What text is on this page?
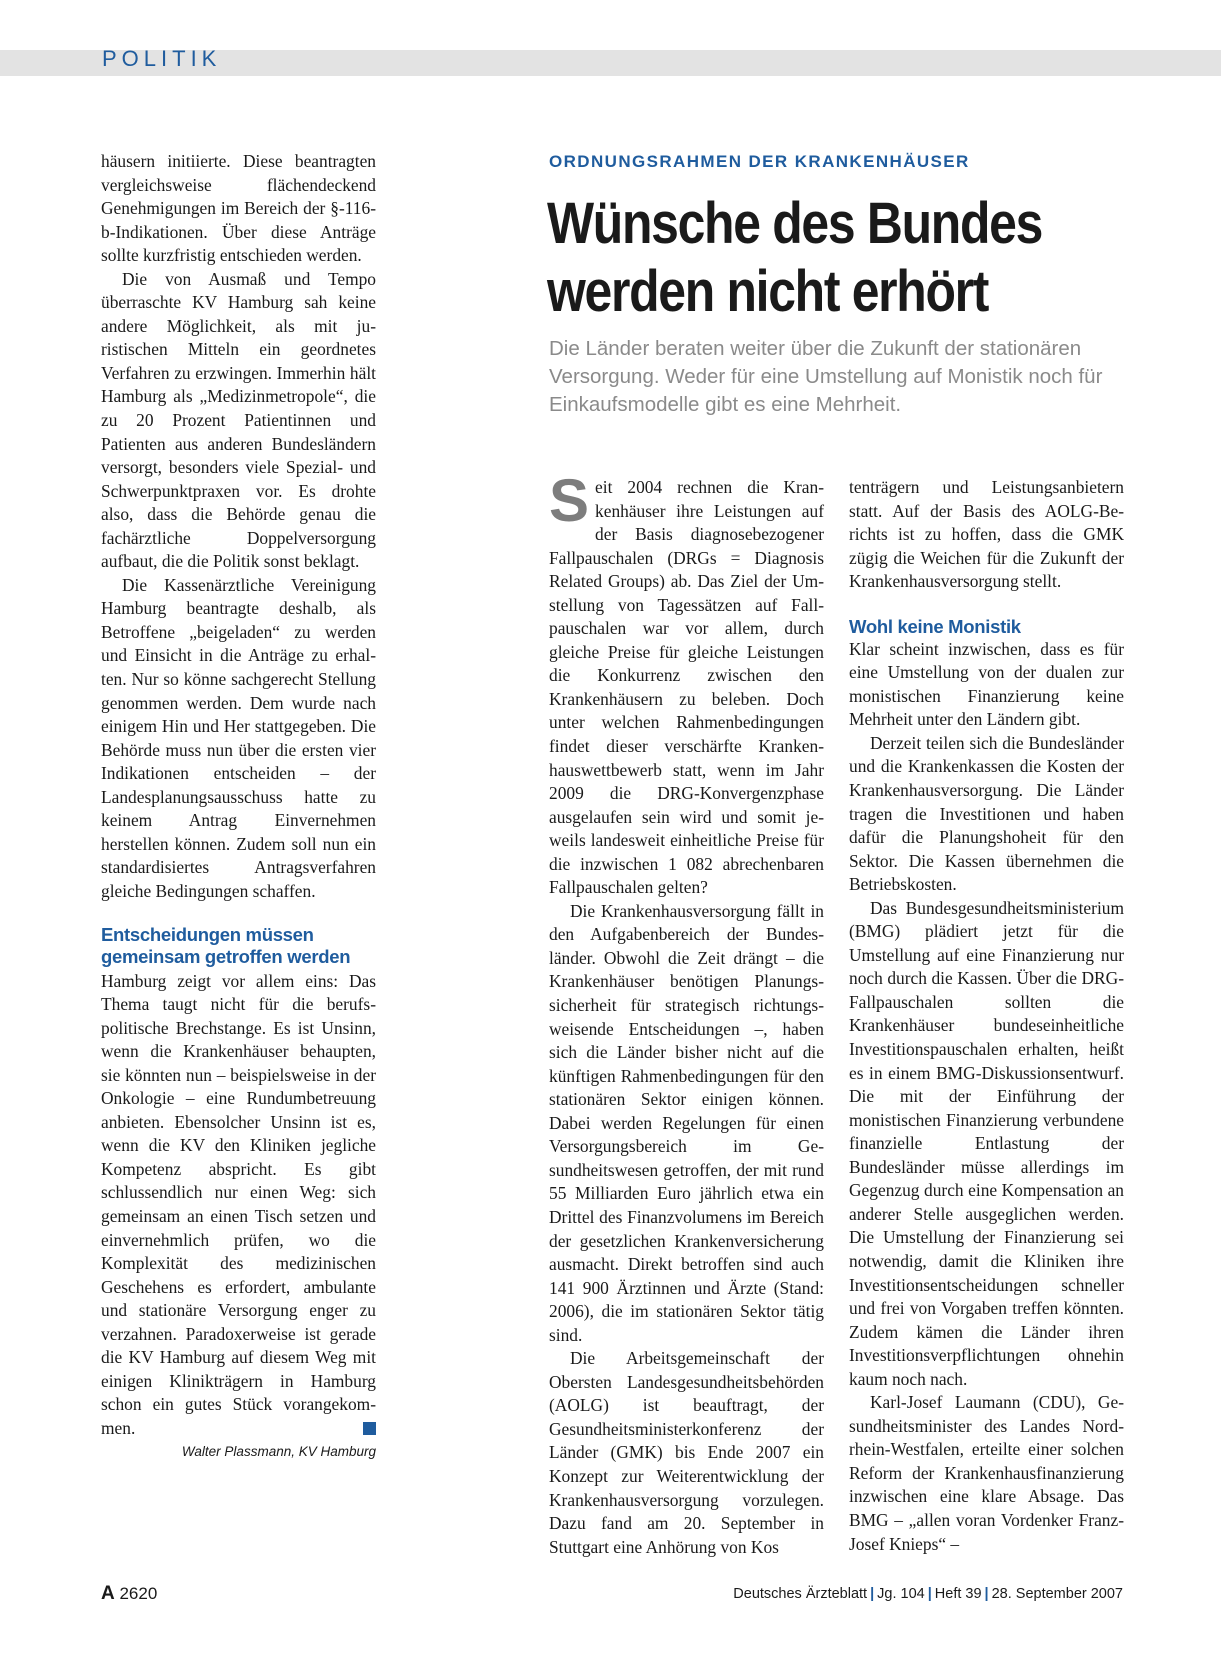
POLITIK

häusern initiierte. Diese beantragten vergleichsweise flächendeckend Genehmigungen im Bereich der §-116-b-Indikationen. Über diese Anträge sollte kurzfristig entschieden werden.

Die von Ausmaß und Tempo überraschte KV Hamburg sah keine andere Möglichkeit, als mit juristischen Mitteln ein geordnetes Verfahren zu erzwingen. Immerhin hält Hamburg als „Medizinmetropole“, die zu 20 Prozent Patientinnen und Patienten aus anderen Bundesländern versorgt, besonders viele Spezial- und Schwerpunktpraxen vor. Es drohte also, dass die Behörde genau die fachärztliche Doppelversorgung aufbaut, die die Politik sonst beklagt.

Die Kassenärztliche Vereinigung Hamburg beantragte deshalb, als Betroffene „beigeladen“ zu werden und Einsicht in die Anträge zu erhalten. Nur so könne sachgerecht Stellung genommen werden. Dem wurde nach einigem Hin und Her stattgegeben. Die Behörde muss nun über die ersten vier Indikationen entscheiden – der Landesplanungsausschuss hatte zu keinem Antrag Einvernehmen herstellen können. Zudem soll nun ein standardisiertes Antragsverfahren gleiche Bedingungen schaffen.

Entscheidungen müssen gemeinsam getroffen werden

Hamburg zeigt vor allem eins: Das Thema taugt nicht für die berufspolitische Brechstange. Es ist Unsinn, wenn die Krankenhäuser behaupten, sie könnten nun – beispielsweise in der Onkologie – eine Rundumbetreuung anbieten. Ebensolcher Unsinn ist es, wenn die KV den Kliniken jegliche Kompetenz abspricht. Es gibt schlussendlich nur einen Weg: sich gemeinsam an einen Tisch setzen und einvernehmlich prüfen, wo die Komplexität des medizinischen Geschehens es erfordert, ambulante und stationäre Versorgung enger zu verzahnen. Paradoxerweise ist gerade die KV Hamburg auf diesem Weg mit einigen Klinikträgern in Hamburg schon ein gutes Stück vorangekommen.

Walter Plassmann, KV Hamburg
ORDNUNGSRAHMEN DER KRANKENHÄUSER
Wünsche des Bundes
werden nicht erhört
Die Länder beraten weiter über die Zukunft der stationären Versorgung. Weder für eine Umstellung auf Monistik noch für Einkaufsmodelle gibt es eine Mehrheit.

Seit 2004 rechnen die Krankenhäuser ihre Leistungen auf der Basis diagnosebezogener Fallpauschalen (DRGs = Diagnosis Related Groups) ab. Das Ziel der Umstellung von Tagessätzen auf Fallpauschalen war vor allem, durch gleiche Preise für gleiche Leistungen die Konkurrenz zwischen den Krankenhäusern zu beleben. Doch unter welchen Rahmenbedingungen findet dieser verschärfte Krankenhauswettbewerb statt, wenn im Jahr 2009 die DRG-Konvergenzphase ausgelaufen sein wird und somit jeweils landesweit einheitliche Preise für die inzwischen 1 082 abrechenbaren Fallpauschalen gelten?

Die Krankenhausversorgung fällt in den Aufgabenbereich der Bundesländer. Obwohl die Zeit drängt – die Krankenhäuser benötigen Planungssicherheit für strategisch richtungsweisende Entscheidungen –, haben sich die Länder bisher nicht auf die künftigen Rahmenbedingungen für den stationären Sektor einigen können. Dabei werden Regelungen für einen Versorgungsbereich im Gesundheitswesen getroffen, der mit rund 55 Milliarden Euro jährlich etwa ein Drittel des Finanzvolumens im Bereich der gesetzlichen Krankenversicherung ausmacht. Direkt betroffen sind auch 141 900 Ärztinnen und Ärzte (Stand: 2006), die im stationären Sektor tätig sind.

Die Arbeitsgemeinschaft der Obersten Landesgesundheitsbehörden (AOLG) ist beauftragt, der Gesundheitsministerkonferenz der Länder (GMK) bis Ende 2007 ein Konzept zur Weiterentwicklung der Krankenhausversorgung vorzulegen. Dazu fand am 20. September in Stuttgart eine Anhörung von Kos

tenträgern und Leistungsanbietern statt. Auf der Basis des AOLG-Berichts ist zu hoffen, dass die GMK zügig die Weichen für die Zukunft der Krankenhausversorgung stellt.

Wohl keine Monistik

Klar scheint inzwischen, dass es für eine Umstellung von der dualen zur monistischen Finanzierung keine Mehrheit unter den Ländern gibt.

Derzeit teilen sich die Bundesländer und die Krankenkassen die Kosten der Krankenhausversorgung. Die Länder tragen die Investitionen und haben dafür die Planungshoheit für den Sektor. Die Kassen übernehmen die Betriebskosten.

Das Bundesgesundheitsministerium (BMG) plädiert jetzt für die Umstellung auf eine Finanzierung nur noch durch die Kassen. Über die DRG-Fallpauschalen sollten die Krankenhäuser bundeseinheitliche Investitionspauschalen erhalten, heißt es in einem BMG-Diskussionsentwurf. Die mit der Einführung der monistischen Finanzierung verbundene finanzielle Entlastung der Bundesländer müsse allerdings im Gegenzug durch eine Kompensation an anderer Stelle ausgeglichen werden. Die Umstellung der Finanzierung sei notwendig, damit die Kliniken ihre Investitionsentscheidungen schneller und frei von Vorgaben treffen könnten. Zudem kämen die Länder ihren Investitionsverpflichtungen ohnehin kaum noch nach.

Karl-Josef Laumann (CDU), Gesundheitsminister des Landes Nordrhein-Westfalen, erteilte einer solchen Reform der Krankenhausfinanzierung inzwischen eine klare Absage. Das BMG – „allen voran Vordenker Franz-Josef Knieps“ –

A 2620	Deutsches Ärzteblatt | Jg. 104 | Heft 39 | 28. September 2007
